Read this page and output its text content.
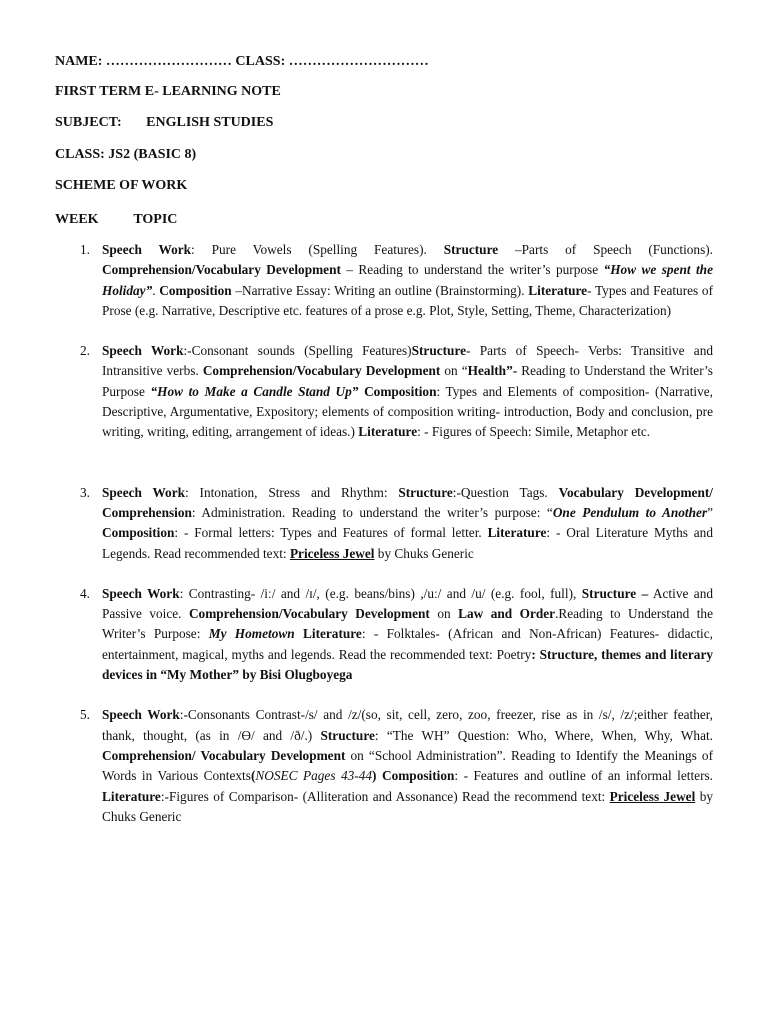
NAME: ……………………… CLASS: …………………………

FIRST TERM E- LEARNING NOTE

SUBJECT:       ENGLISH STUDIES

CLASS: JS2 (BASIC 8)

SCHEME OF WORK

WEEK          TOPIC

1. Speech Work: Pure Vowels (Spelling Features). Structure –Parts of Speech (Functions). Comprehension/Vocabulary Development – Reading to understand the writer’s purpose “How we spent the Holiday”. Composition –Narrative Essay: Writing an outline (Brainstorming). Literature- Types and Features of Prose (e.g. Narrative, Descriptive etc. features of a prose e.g. Plot, Style, Setting, Theme, Characterization)
2. Speech Work:-Consonant sounds (Spelling Features)Structure- Parts of Speech- Verbs: Transitive and Intransitive verbs. Comprehension/Vocabulary Development on “Health”- Reading to Understand the Writer’s Purpose “How to Make a Candle Stand Up” Composition: Types and Elements of composition- (Narrative, Descriptive, Argumentative, Expository; elements of composition writing- introduction, Body and conclusion, pre writing, writing, editing, arrangement of ideas.) Literature: - Figures of Speech: Simile, Metaphor etc.
3. Speech Work: Intonation, Stress and Rhythm: Structure:-Question Tags. Vocabulary Development/ Comprehension: Administration. Reading to understand the writer’s purpose: “One Pendulum to Another” Composition: - Formal letters: Types and Features of formal letter. Literature: - Oral Literature Myths and Legends. Read recommended text: Priceless Jewel by Chuks Generic
4. Speech Work: Contrasting- /iː/ and /ɪ/, (e.g. beans/bins) ,/uː/ and /u/ (e.g. fool, full), Structure – Active and Passive voice. Comprehension/Vocabulary Development on Law and Order.Reading to Understand the Writer’s Purpose: My Hometown Literature: - Folktales- (African and Non-African) Features- didactic, entertainment, magical, myths and legends. Read the recommended text: Poetry: Structure, themes and literary devices in “My Mother” by Bisi Olugboyega
5. Speech Work:-Consonants Contrast-/s/ and /z/(so, sit, cell, zero, zoo, freezer, rise as in /s/, /z/;either feather, thank, thought, (as in /Ɵ/ and /ð/.) Structure: “The WH” Question: Who, Where, When, Why, What. Comprehension/ Vocabulary Development on “School Administration”. Reading to Identify the Meanings of Words in Various Contexts(NOSEC Pages 43-44) Composition: - Features and outline of an informal letters. Literature:-Figures of Comparison- (Alliteration and Assonance) Read the recommend text: Priceless Jewel by Chuks Generic
